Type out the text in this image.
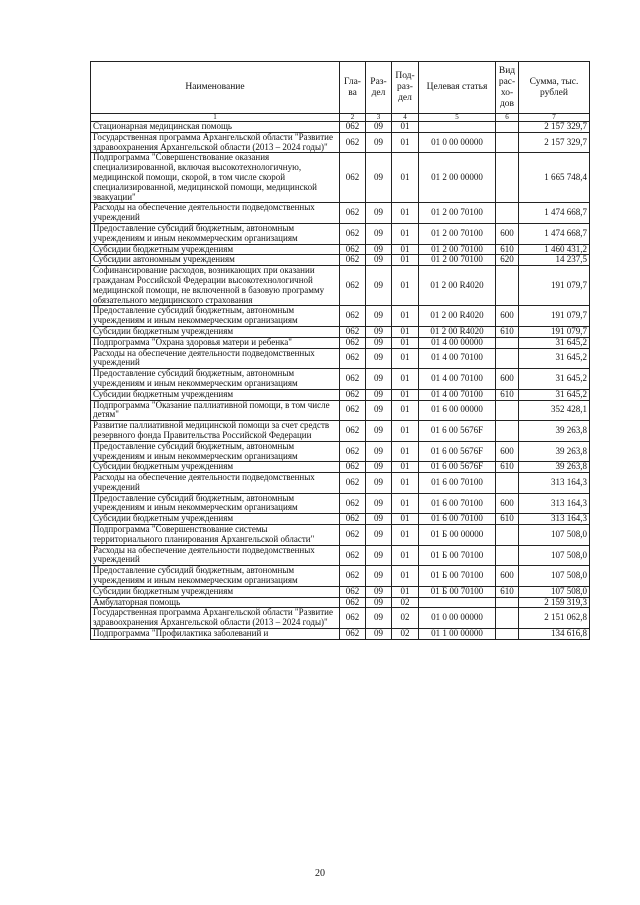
Наименование	Гла-ва	Раз-дел	Под-раз-дел	Целевая статья	Вид рас-хо-дов	Сумма, тыс. рублей
1	2	3	4	5	6	7
Стационарная медицинская помощь	062	09	01			2 157 329,7
Государственная программа Архангельской области "Развитие здравоохранения Архангельской области (2013 – 2024 годы)"	062	09	01	01 0 00 00000		2 157 329,7
Подпрограмма "Совершенствование оказания специализированной, включая высокотехнологичную, медицинской помощи, скорой, в том числе скорой специализированной, медицинской помощи, медицинской эвакуации"	062	09	01	01 2 00 00000		1 665 748,4
Расходы на обеспечение деятельности подведомственных учреждений	062	09	01	01 2 00 70100		1 474 668,7
Предоставление субсидий бюджетным, автономным учреждениям и иным некоммерческим организациям	062	09	01	01 2 00 70100	600	1 474 668,7
Субсидии бюджетным учреждениям	062	09	01	01 2 00 70100	610	1 460 431,2
Субсидии автономным учреждениям	062	09	01	01 2 00 70100	620	14 237,5
Софинансирование расходов, возникающих при оказании гражданам Российской Федерации высокотехнологичной медицинской помощи, не включенной в базовую программу обязательного медицинского страхования	062	09	01	01 2 00 R4020		191 079,7
Предоставление субсидий бюджетным, автономным учреждениям и иным некоммерческим организациям	062	09	01	01 2 00 R4020	600	191 079,7
Субсидии бюджетным учреждениям	062	09	01	01 2 00 R4020	610	191 079,7
Подпрограмма "Охрана здоровья матери и ребенка"	062	09	01	01 4 00 00000		31 645,2
Расходы на обеспечение деятельности подведомственных учреждений	062	09	01	01 4 00 70100		31 645,2
Предоставление субсидий бюджетным, автономным учреждениям и иным некоммерческим организациям	062	09	01	01 4 00 70100	600	31 645,2
Субсидии бюджетным учреждениям	062	09	01	01 4 00 70100	610	31 645,2
Подпрограмма "Оказание паллиативной помощи, в том числе детям"	062	09	01	01 6 00 00000		352 428,1
Развитие паллиативной медицинской помощи за счет средств резервного фонда Правительства Российской Федерации	062	09	01	01 6 00 5676F		39 263,8
Предоставление субсидий бюджетным, автономным учреждениям и иным некоммерческим организациям	062	09	01	01 6 00 5676F	600	39 263,8
Субсидии бюджетным учреждениям	062	09	01	01 6 00 5676F	610	39 263,8
Расходы на обеспечение деятельности подведомственных учреждений	062	09	01	01 6 00 70100		313 164,3
Предоставление субсидий бюджетным, автономным учреждениям и иным некоммерческим организациям	062	09	01	01 6 00 70100	600	313 164,3
Субсидии бюджетным учреждениям	062	09	01	01 6 00 70100	610	313 164,3
Подпрограмма "Совершенствование системы территориального планирования Архангельской области"	062	09	01	01 Б 00 00000		107 508,0
Расходы на обеспечение деятельности подведомственных учреждений	062	09	01	01 Б 00 70100		107 508,0
Предоставление субсидий бюджетным, автономным учреждениям и иным некоммерческим организациям	062	09	01	01 Б 00 70100	600	107 508,0
Субсидии бюджетным учреждениям	062	09	01	01 Б 00 70100	610	107 508,0
Амбулаторная помощь	062	09	02			2 159 319,3
Государственная программа Архангельской области "Развитие здравоохранения Архангельской области (2013 – 2024 годы)"	062	09	02	01 0 00 00000		2 151 062,8
Подпрограмма "Профилактика заболеваний и	062	09	02	01 1 00 00000		134 616,8
20
